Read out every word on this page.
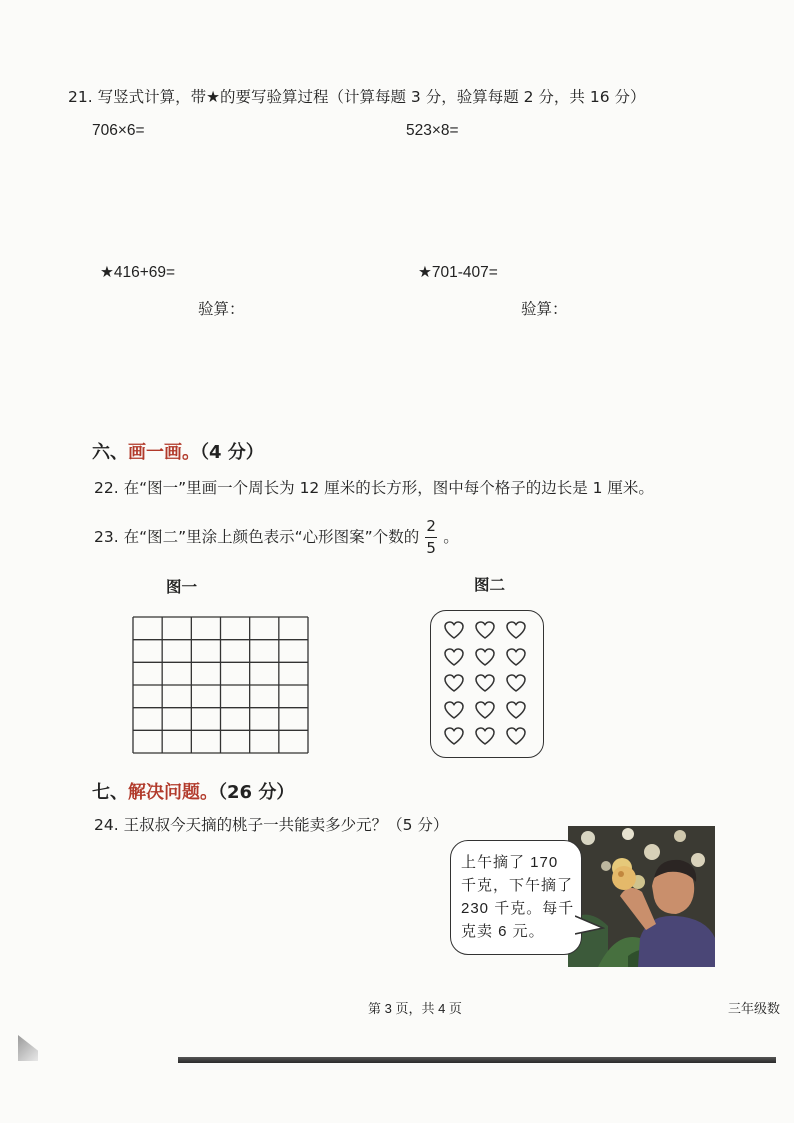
21. 写竖式计算，带★的要写验算过程（计算每题 3 分，验算每题 2 分，共 16 分）
706×6=	523×8=
★416+69=	★701-407=
验算：	验算：
六、画一画。（4 分）
22. 在“图一”里画一个周长为 12 厘米的长方形，图中每个格子的边长是 1 厘米。
23. 在“图二”里涂上颜色表示“心形图案”个数的 $\frac{2}{5}$ 。
图一	图二
七、解决问题。（26 分）
24. 王叔叔今天摘的桃子一共能卖多少元？（5 分）
上午摘了 170
千克，下午摘了
230 千克。每千
克卖 6 元。
第 3 页，共 4 页	三年级数
